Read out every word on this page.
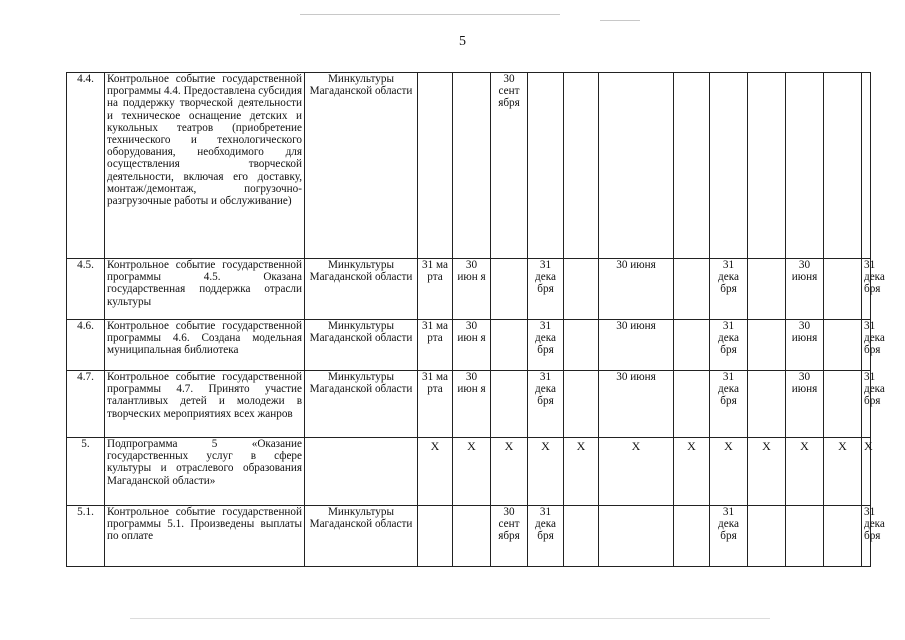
5
4.4.	Контрольное событие государственной программы 4.4. Предоставлена субсидия на поддержку творческой деятельности и техническое оснащение детских и кукольных театров (приобретение технического и технологического оборудования, необходимого для осуществления творческой деятельности, включая его доставку, монтаж/демонтаж, погрузочно-разгрузочные работы и обслуживание)	Минкультуры Магаданской области			30 сент ября									
4.5.	Контрольное событие государственной программы 4.5. Оказана государственная поддержка отрасли культуры	Минкультуры Магаданской области	31 ма рта	30 июн я		31 дека бря		30 июня		31 дека бря		30 июня		31 дека бря
4.6.	Контрольное событие государственной программы 4.6. Создана модельная муниципальная библиотека	Минкультуры Магаданской области	31 ма рта	30 июн я		31 дека бря		30 июня		31 дека бря		30 июня		31 дека бря
4.7.	Контрольное событие государственной программы 4.7. Принято участие талантливых детей и молодежи в творческих мероприятиях всех жанров	Минкультуры Магаданской области	31 ма рта	30 июн я		31 дека бря		30 июня		31 дека бря		30 июня		31 дека бря
5.	Подпрограмма 5 «Оказание государственных услуг в сфере культуры и отраслевого образования Магаданской области»		Х	Х	Х	Х	Х	Х	Х	Х	Х	Х	Х	Х
5.1.	Контрольное событие государственной программы 5.1. Произведены выплаты по оплате	Минкультуры Магаданской области			30 сент ября	31 дека бря				31 дека бря				31 дека бря
